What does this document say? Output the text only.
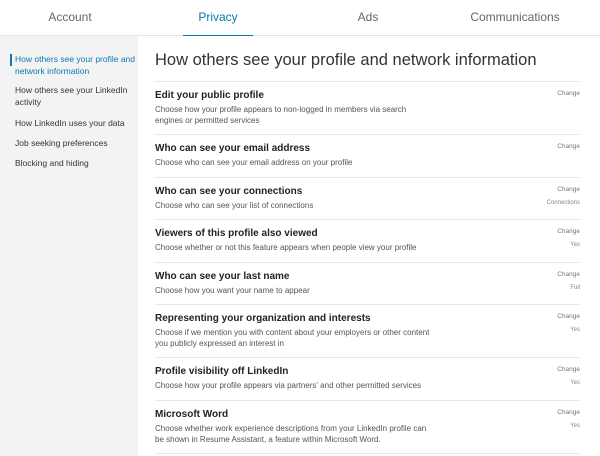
Account	Privacy	Ads	Communications
How others see your profile and network information
How others see your LinkedIn activity
How LinkedIn uses your data
Job seeking preferences
Blocking and hiding
How others see your profile and network information
Edit your public profile
Choose how your profile appears to non-logged in members via search engines or permitted services
Change
Who can see your email address
Choose who can see your email address on your profile
Change
Who can see your connections
Choose who can see your list of connections
Change
Connections
Viewers of this profile also viewed
Choose whether or not this feature appears when people view your profile
Change
Yes
Who can see your last name
Choose how you want your name to appear
Change
Full
Representing your organization and interests
Choose if we mention you with content about your employers or other content you publicly expressed an interest in
Change
Yes
Profile visibility off LinkedIn
Choose how your profile appears via partners' and other permitted services
Change
Yes
Microsoft Word
Choose whether work experience descriptions from your LinkedIn profile can be shown in Resume Assistant, a feature within Microsoft Word.
Change
Yes
